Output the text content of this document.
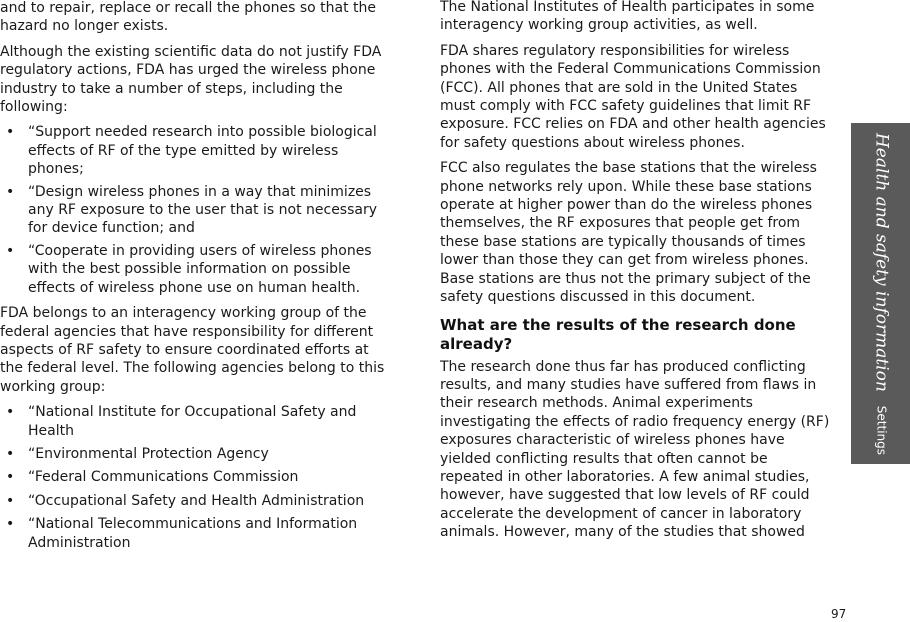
and to repair, replace or recall the phones so that the hazard no longer exists.

Although the existing scientific data do not justify FDA regulatory actions, FDA has urged the wireless phone industry to take a number of steps, including the following:

• “Support needed research into possible biological effects of RF of the type emitted by wireless phones;
• “Design wireless phones in a way that minimizes any RF exposure to the user that is not necessary for device function; and
• “Cooperate in providing users of wireless phones with the best possible information on possible effects of wireless phone use on human health.

FDA belongs to an interagency working group of the federal agencies that have responsibility for different aspects of RF safety to ensure coordinated efforts at the federal level. The following agencies belong to this working group:

• “National Institute for Occupational Safety and Health
• “Environmental Protection Agency
• “Federal Communications Commission
• “Occupational Safety and Health Administration
• “National Telecommunications and Information Administration

The National Institutes of Health participates in some interagency working group activities, as well.

FDA shares regulatory responsibilities for wireless phones with the Federal Communications Commission (FCC). All phones that are sold in the United States must comply with FCC safety guidelines that limit RF exposure. FCC relies on FDA and other health agencies for safety questions about wireless phones.

FCC also regulates the base stations that the wireless phone networks rely upon. While these base stations operate at higher power than do the wireless phones themselves, the RF exposures that people get from these base stations are typically thousands of times lower than those they can get from wireless phones. Base stations are thus not the primary subject of the safety questions discussed in this document.

What are the results of the research done already?

The research done thus far has produced conflicting results, and many studies have suffered from flaws in their research methods. Animal experiments investigating the effects of radio frequency energy (RF) exposures characteristic of wireless phones have yielded conflicting results that often cannot be repeated in other laboratories. A few animal studies, however, have suggested that low levels of RF could accelerate the development of cancer in laboratory animals. However, many of the studies that showed

Health and safety information
Settings
97
